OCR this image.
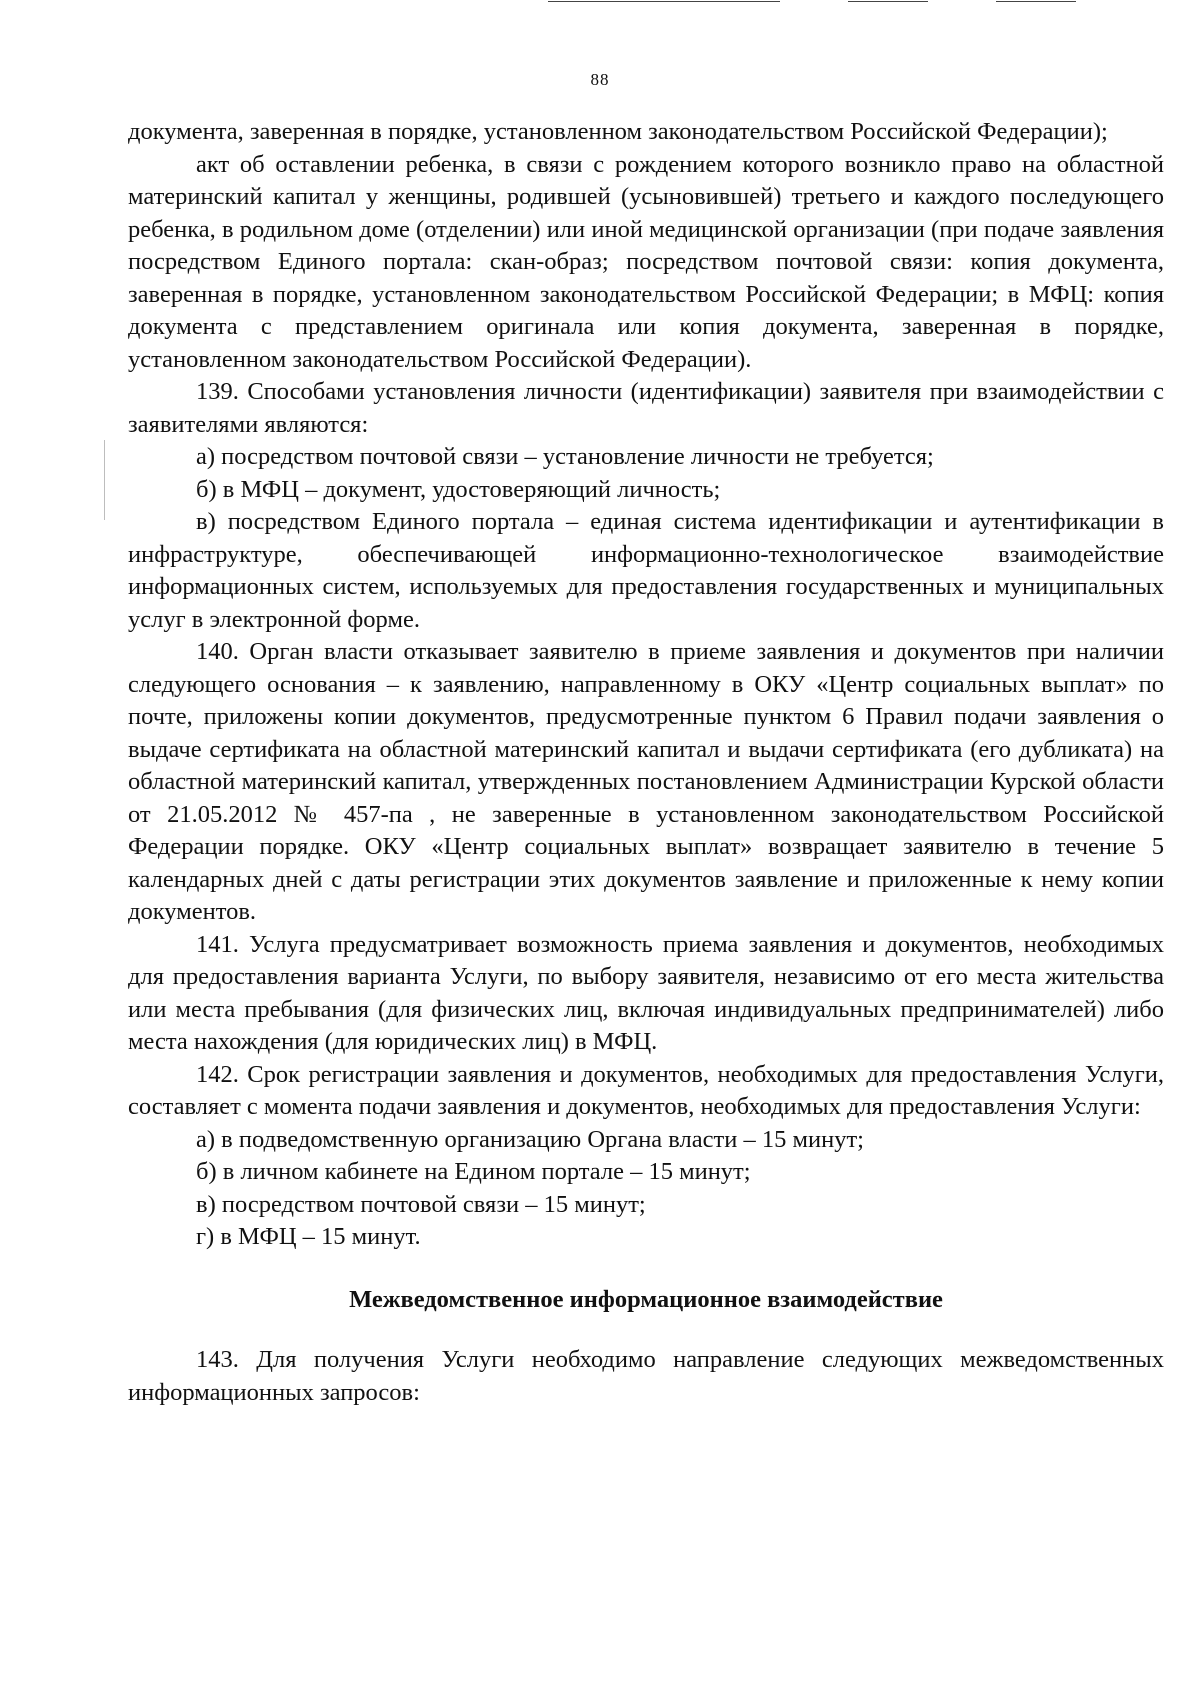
88

документа, заверенная в порядке, установленном законодательством Российской Федерации);

акт об оставлении ребенка, в связи с рождением которого возникло право на областной материнский капитал у женщины, родившей (усыновившей) третьего и каждого последующего ребенка, в родильном доме (отделении) или иной медицинской организации (при подаче заявления посредством Единого портала: скан-образ; посредством почтовой связи: копия документа, заверенная в порядке, установленном законодательством Российской Федерации; в МФЦ: копия документа с представлением оригинала или копия документа, заверенная в порядке, установленном законодательством Российской Федерации).

139. Способами установления личности (идентификации) заявителя при взаимодействии с заявителями являются:

а) посредством почтовой связи – установление личности не требуется;

б) в МФЦ – документ, удостоверяющий личность;

в) посредством Единого портала – единая система идентификации и аутентификации в инфраструктуре, обеспечивающей информационно-технологическое взаимодействие информационных систем, используемых для предоставления государственных и муниципальных услуг в электронной форме.

140. Орган власти отказывает заявителю в приеме заявления и документов при наличии следующего основания – к заявлению, направленному в ОКУ «Центр социальных выплат» по почте, приложены копии документов, предусмотренные пунктом 6 Правил подачи заявления о выдаче сертификата на областной материнский капитал и выдачи сертификата (его дубликата) на областной материнский капитал, утвержденных постановлением Администрации Курской области от 21.05.2012 № 457-па , не заверенные в установленном законодательством Российской Федерации порядке. ОКУ «Центр социальных выплат» возвращает заявителю в течение 5 календарных дней с даты регистрации этих документов заявление и приложенные к нему копии документов.

141. Услуга предусматривает возможность приема заявления и документов, необходимых для предоставления варианта Услуги, по выбору заявителя, независимо от его места жительства или места пребывания (для физических лиц, включая индивидуальных предпринимателей) либо места нахождения (для юридических лиц) в МФЦ.

142. Срок регистрации заявления и документов, необходимых для предоставления Услуги, составляет с момента подачи заявления и документов, необходимых для предоставления Услуги:

а) в подведомственную организацию Органа власти – 15 минут;

б) в личном кабинете на Едином портале – 15 минут;

в) посредством почтовой связи – 15 минут;

г) в МФЦ – 15 минут.

Межведомственное информационное взаимодействие

143. Для получения Услуги необходимо направление следующих межведомственных информационных запросов:
